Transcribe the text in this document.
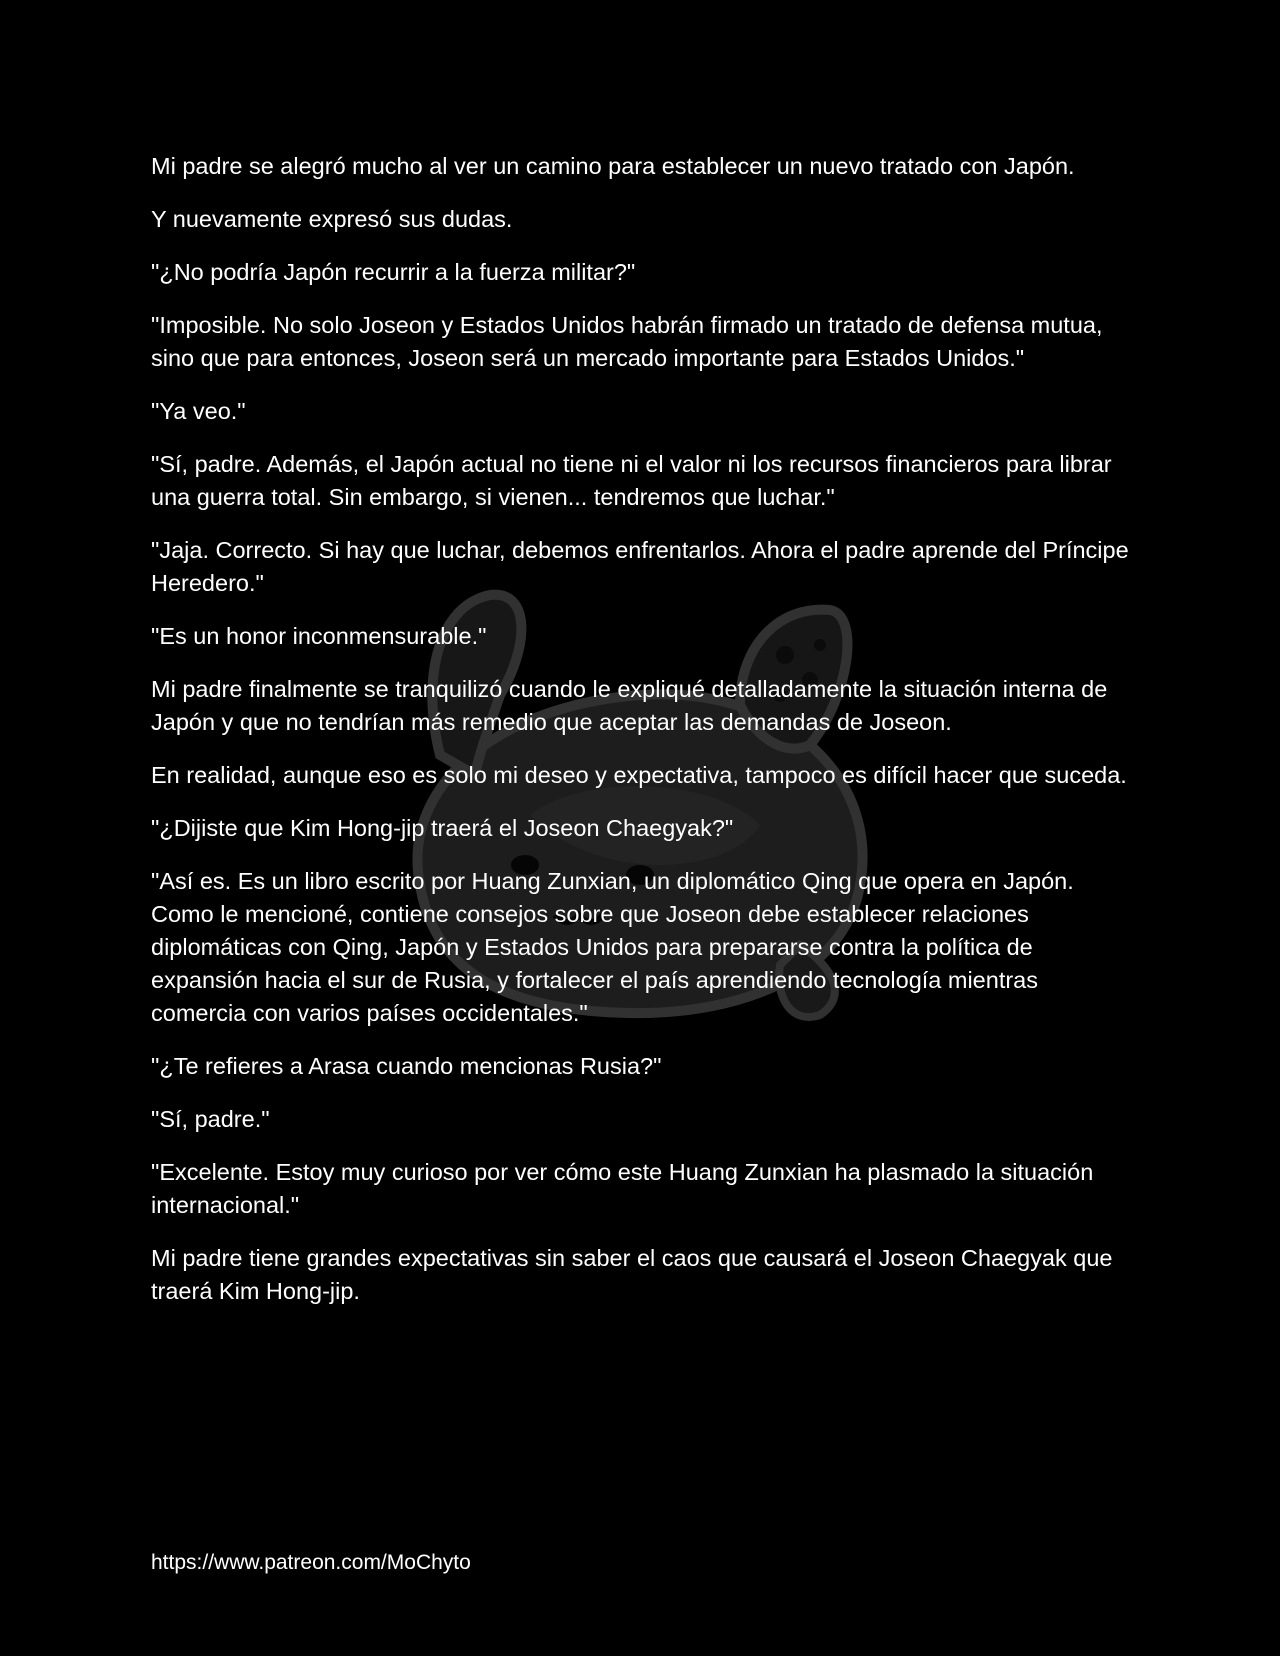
Mi padre se alegró mucho al ver un camino para establecer un nuevo tratado con Japón.

Y nuevamente expresó sus dudas.

"¿No podría Japón recurrir a la fuerza militar?"

"Imposible. No solo Joseon y Estados Unidos habrán firmado un tratado de defensa mutua, sino que para entonces, Joseon será un mercado importante para Estados Unidos."

"Ya veo."

"Sí, padre. Además, el Japón actual no tiene ni el valor ni los recursos financieros para librar una guerra total. Sin embargo, si vienen... tendremos que luchar."

"Jaja. Correcto. Si hay que luchar, debemos enfrentarlos. Ahora el padre aprende del Príncipe Heredero."

"Es un honor inconmensurable."

Mi padre finalmente se tranquilizó cuando le expliqué detalladamente la situación interna de Japón y que no tendrían más remedio que aceptar las demandas de Joseon.

En realidad, aunque eso es solo mi deseo y expectativa, tampoco es difícil hacer que suceda.

"¿Dijiste que Kim Hong-jip traerá el Joseon Chaegyak?"

"Así es. Es un libro escrito por Huang Zunxian, un diplomático Qing que opera en Japón. Como le mencioné, contiene consejos sobre que Joseon debe establecer relaciones diplomáticas con Qing, Japón y Estados Unidos para prepararse contra la política de expansión hacia el sur de Rusia, y fortalecer el país aprendiendo tecnología mientras comercia con varios países occidentales."

"¿Te refieres a Arasa cuando mencionas Rusia?"

"Sí, padre."

"Excelente. Estoy muy curioso por ver cómo este Huang Zunxian ha plasmado la situación internacional."

Mi padre tiene grandes expectativas sin saber el caos que causará el Joseon Chaegyak que traerá Kim Hong-jip.

https://www.patreon.com/MoChyto
